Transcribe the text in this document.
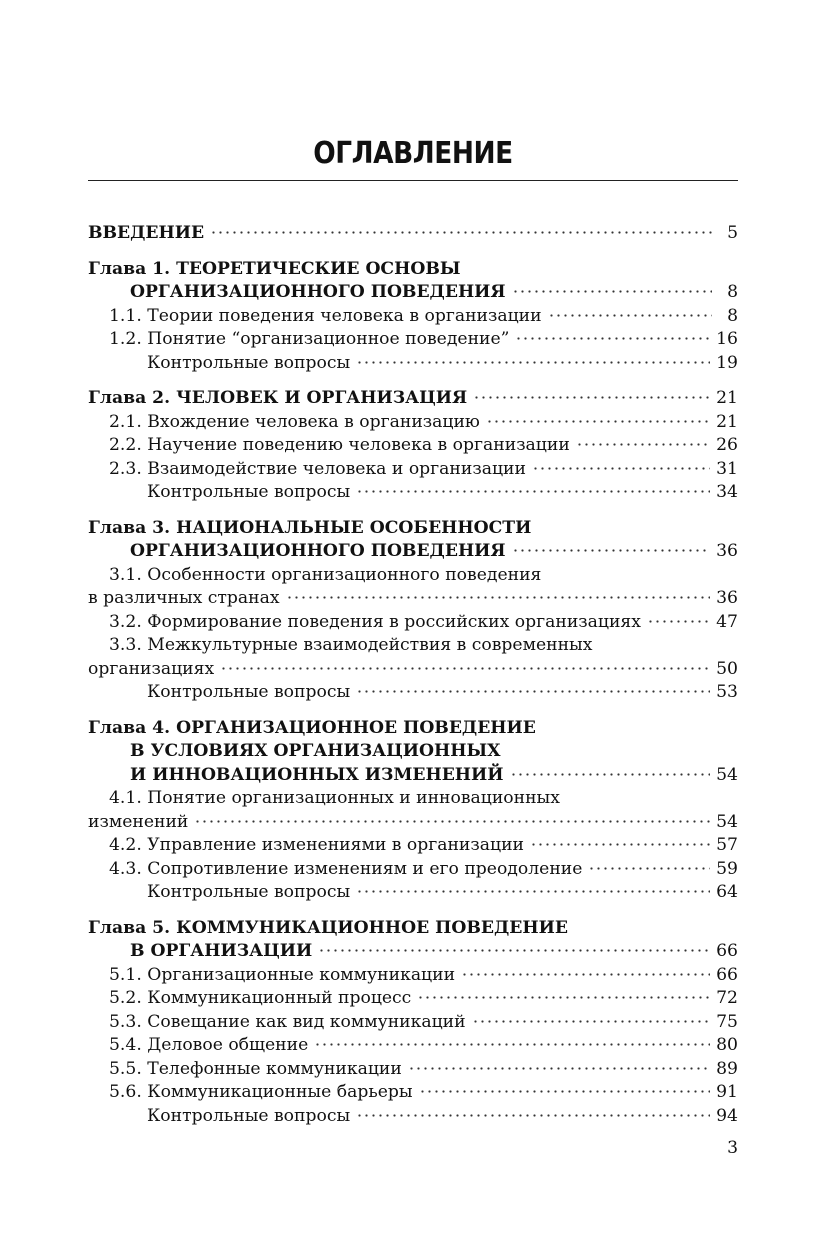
ОГЛАВЛЕНИЕ
ВВЕДЕНИЕ	5
Глава 1. ТЕОРЕТИЧЕСКИЕ ОСНОВЫ
ОРГАНИЗАЦИОННОГО ПОВЕДЕНИЯ	8
1.1. Теории поведения человека в организации	8
1.2. Понятие “организационное поведение”	16
Контрольные вопросы	19
Глава 2. ЧЕЛОВЕК И ОРГАНИЗАЦИЯ	21
2.1. Вхождение человека в организацию	21
2.2. Научение поведению человека в организации	26
2.3. Взаимодействие человека и организации	31
Контрольные вопросы	34
Глава 3. НАЦИОНАЛЬНЫЕ ОСОБЕННОСТИ
ОРГАНИЗАЦИОННОГО ПОВЕДЕНИЯ	36
3.1. Особенности организационного поведения
в различных странах	36
3.2. Формирование поведения в российских организациях	47
3.3. Межкультурные взаимодействия в современных
организациях	50
Контрольные вопросы	53
Глава 4. ОРГАНИЗАЦИОННОЕ ПОВЕДЕНИЕ
В УСЛОВИЯХ ОРГАНИЗАЦИОННЫХ
И ИННОВАЦИОННЫХ ИЗМЕНЕНИЙ	54
4.1. Понятие организационных и инновационных
изменений	54
4.2. Управление изменениями в организации	57
4.3. Сопротивление изменениям и его преодоление	59
Контрольные вопросы	64
Глава 5. КОММУНИКАЦИОННОЕ ПОВЕДЕНИЕ
В ОРГАНИЗАЦИИ	66
5.1. Организационные коммуникации	66
5.2. Коммуникационный процесс	72
5.3. Совещание как вид коммуникаций	75
5.4. Деловое общение	80
5.5. Телефонные коммуникации	89
5.6. Коммуникационные барьеры	91
Контрольные вопросы	94
3
